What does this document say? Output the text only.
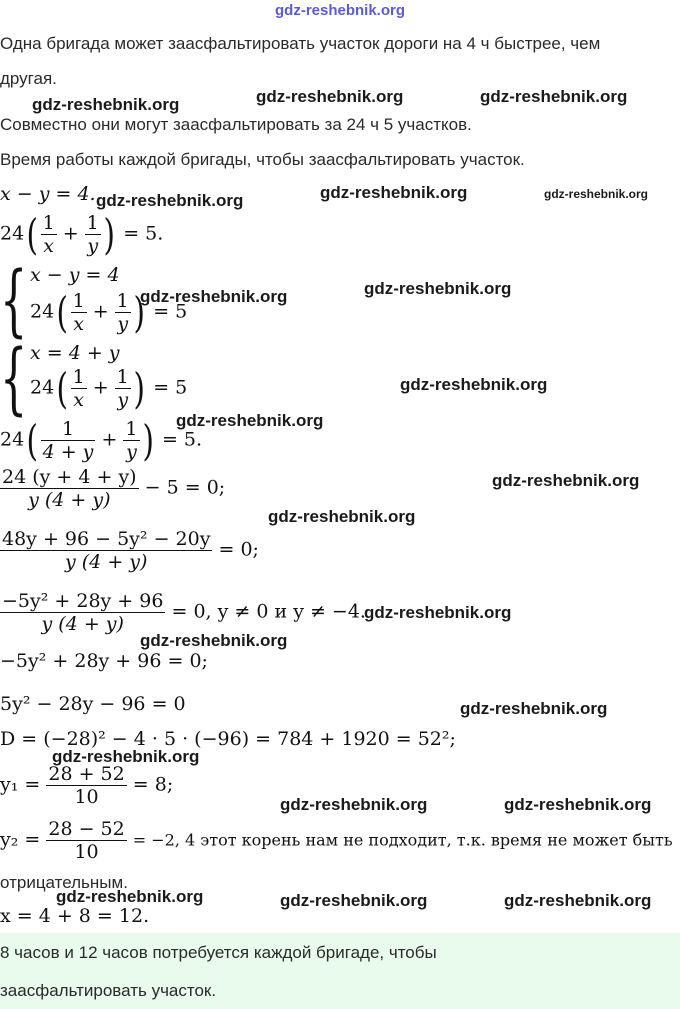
gdz-reshebnik.org
Одна бригада может заасфальтировать участок дороги на 4 ч быстрее, чем
другая.
Совместно они могут заасфальтировать за 24 ч 5 участков.
Время работы каждой бригады, чтобы заасфальтировать участок.
x − y = 4.
$24( \frac{1}{x} + \frac{1}{y}$ ) = 5.
{ x − y = 4
$24( \frac{1}{x} + \frac{1}{y}$ ) = 5
{ x = 4 + y
$24( \frac{1}{x} + \frac{1}{y}$ ) = 5
$24( \frac{1}{4 + y} + \frac{1}{y}$ ) = 5.
$\frac{24 (y + 4 + y)}{y (4 + y)} - 5 = 0$;
$\frac{\text{48y + 96 − 5y² − 20y}}{y (4 + y)} = 0$;
$\frac{\text{−5y² + 28y + 96}}{y (4 + y)} = 0$, y ≠ 0 и y ≠ −4.
−5y² + 28y + 96 = 0;
5y² − 28y − 96 = 0
D = (−28)² − 4 · 5 · (−96) = 784 + 1920 = 52²;
$y_1 = \frac{28 + 52}{10} = 8$;
$y_2 = \frac{28 - 52}{10} = -2$, 4 этот корень нам не подходит, т.к. время не может быть
отрицательным.
x = 4 + 8 = 12.
8 часов и 12 часов потребуется каждой бригаде, чтобы
заасфальтировать участок.
gdz-reshebnik.org	gdz-reshebnik.org	gdz-reshebnik.org
gdz-reshebnik.org	gdz-reshebnik.org	gdz-reshebnik.org
gdz-reshebnik.org	gdz-reshebnik.org
gdz-reshebnik.org
gdz-reshebnik.org
gdz-reshebnik.org
gdz-reshebnik.org
gdz-reshebnik.org
gdz-reshebnik.org
gdz-reshebnik.org
gdz-reshebnik.org
gdz-reshebnik.org	gdz-reshebnik.org
gdz-reshebnik.org	gdz-reshebnik.org	gdz-reshebnik.org
